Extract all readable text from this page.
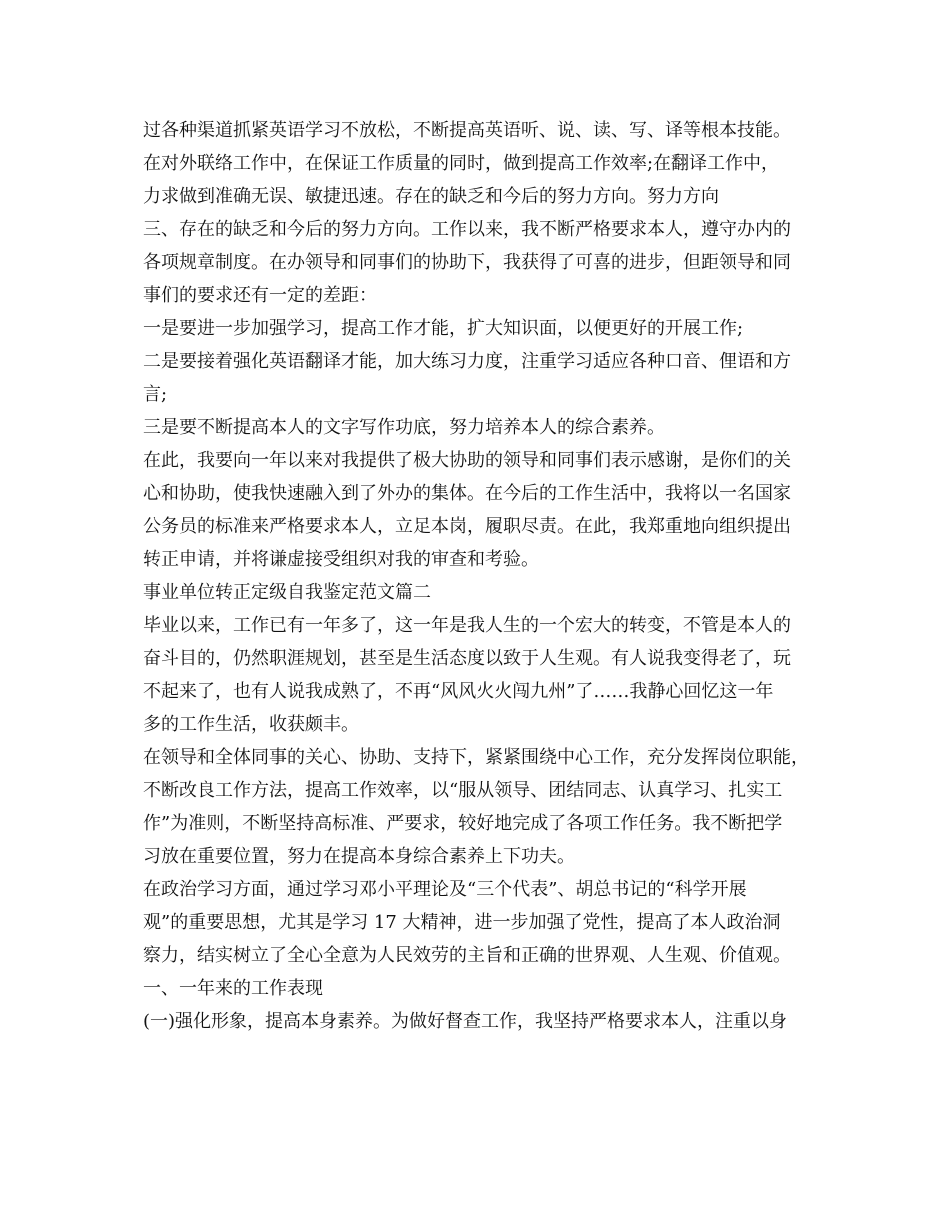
过各种渠道抓紧英语学习不放松，不断提高英语听、说、读、写、译等根本技能。
在对外联络工作中，在保证工作质量的同时，做到提高工作效率;在翻译工作中，
力求做到准确无误、敏捷迅速。存在的缺乏和今后的努力方向。努力方向
三、存在的缺乏和今后的努力方向。工作以来，我不断严格要求本人，遵守办内的
各项规章制度。在办领导和同事们的协助下，我获得了可喜的进步，但距领导和同
事们的要求还有一定的差距：
一是要进一步加强学习，提高工作才能，扩大知识面，以便更好的开展工作;
二是要接着强化英语翻译才能，加大练习力度，注重学习适应各种口音、俚语和方
言;
三是要不断提高本人的文字写作功底，努力培养本人的综合素养。
在此，我要向一年以来对我提供了极大协助的领导和同事们表示感谢，是你们的关
心和协助，使我快速融入到了外办的集体。在今后的工作生活中，我将以一名国家
公务员的标准来严格要求本人，立足本岗，履职尽责。在此，我郑重地向组织提出
转正申请，并将谦虚接受组织对我的审查和考验。
事业单位转正定级自我鉴定范文篇二
毕业以来，工作已有一年多了，这一年是我人生的一个宏大的转变，不管是本人的
奋斗目的，仍然职涯规划，甚至是生活态度以致于人生观。有人说我变得老了，玩
不起来了，也有人说我成熟了，不再“风风火火闯九州”了……我静心回忆这一年
多的工作生活，收获颇丰。
在领导和全体同事的关心、协助、支持下，紧紧围绕中心工作，充分发挥岗位职能，
不断改良工作方法，提高工作效率，以“服从领导、团结同志、认真学习、扎实工
作”为准则，不断坚持高标准、严要求，较好地完成了各项工作任务。我不断把学
习放在重要位置，努力在提高本身综合素养上下功夫。
在政治学习方面，通过学习邓小平理论及“三个代表”、胡总书记的“科学开展
观”的重要思想，尤其是学习 17 大精神，进一步加强了党性，提高了本人政治洞
察力，结实树立了全心全意为人民效劳的主旨和正确的世界观、人生观、价值观。
一、一年来的工作表现
(一)强化形象，提高本身素养。为做好督查工作，我坚持严格要求本人，注重以身
